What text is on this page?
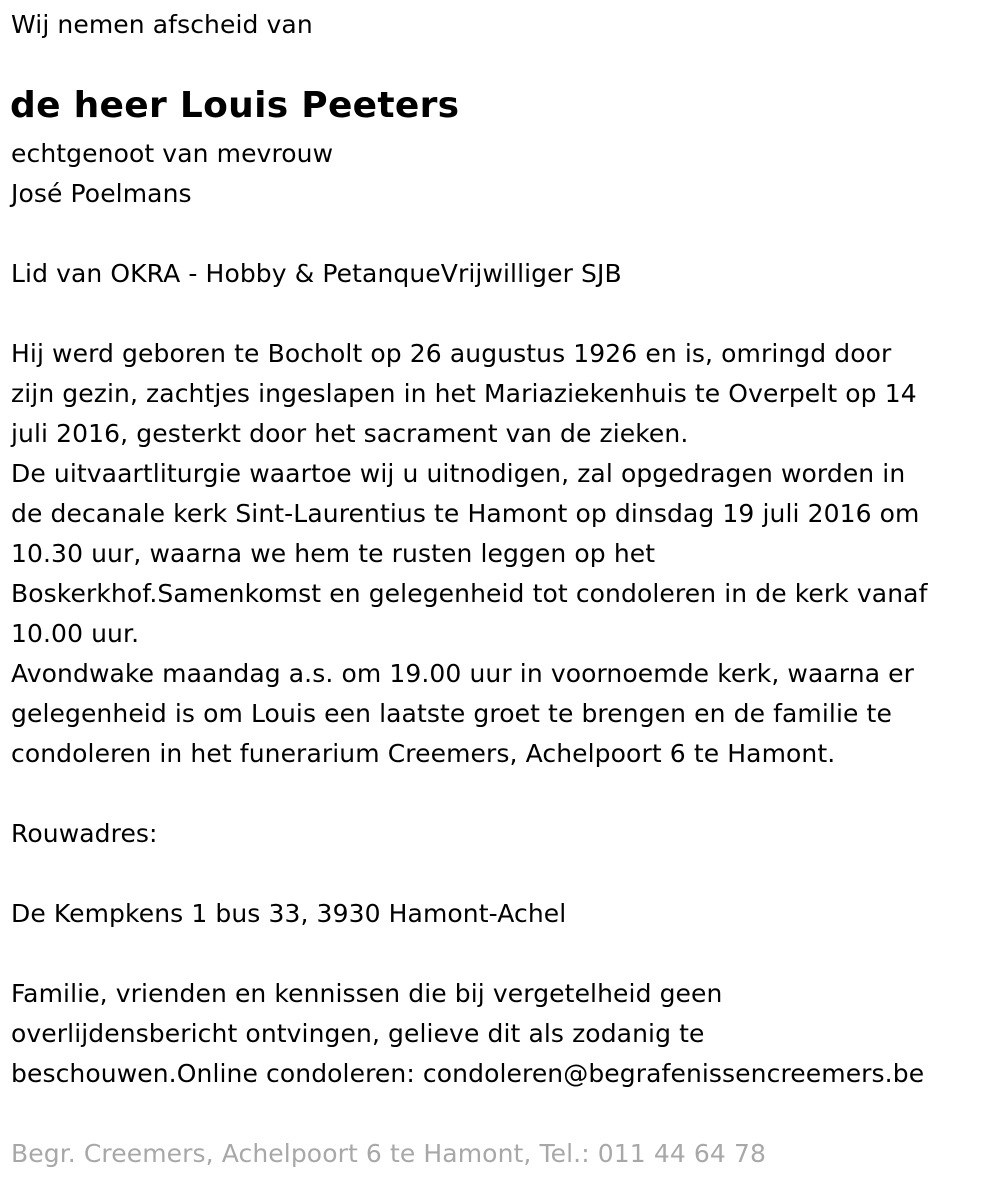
Wij nemen afscheid van
de heer Louis Peeters
echtgenoot van mevrouw
José Poelmans
Lid van OKRA - Hobby & PetanqueVrijwilliger SJB
Hij werd geboren te Bocholt op 26 augustus 1926 en is, omringd door
zijn gezin, zachtjes ingeslapen in het Mariaziekenhuis te Overpelt op 14
juli 2016, gesterkt door het sacrament van de zieken.
De uitvaartliturgie waartoe wij u uitnodigen, zal opgedragen worden in
de decanale kerk Sint-Laurentius te Hamont op dinsdag 19 juli 2016 om
10.30 uur, waarna we hem te rusten leggen op het
Boskerkhof.Samenkomst en gelegenheid tot condoleren in de kerk vanaf
10.00 uur.
Avondwake maandag a.s. om 19.00 uur in voornoemde kerk, waarna er
gelegenheid is om Louis een laatste groet te brengen en de familie te
condoleren in het funerarium Creemers, Achelpoort 6 te Hamont.
Rouwadres:
De Kempkens 1 bus 33, 3930 Hamont-Achel
Familie, vrienden en kennissen die bij vergetelheid geen
overlijdensbericht ontvingen, gelieve dit als zodanig te
beschouwen.Online condoleren: condoleren@begrafenissencreemers.be
Begr. Creemers, Achelpoort 6 te Hamont, Tel.: 011 44 64 78
